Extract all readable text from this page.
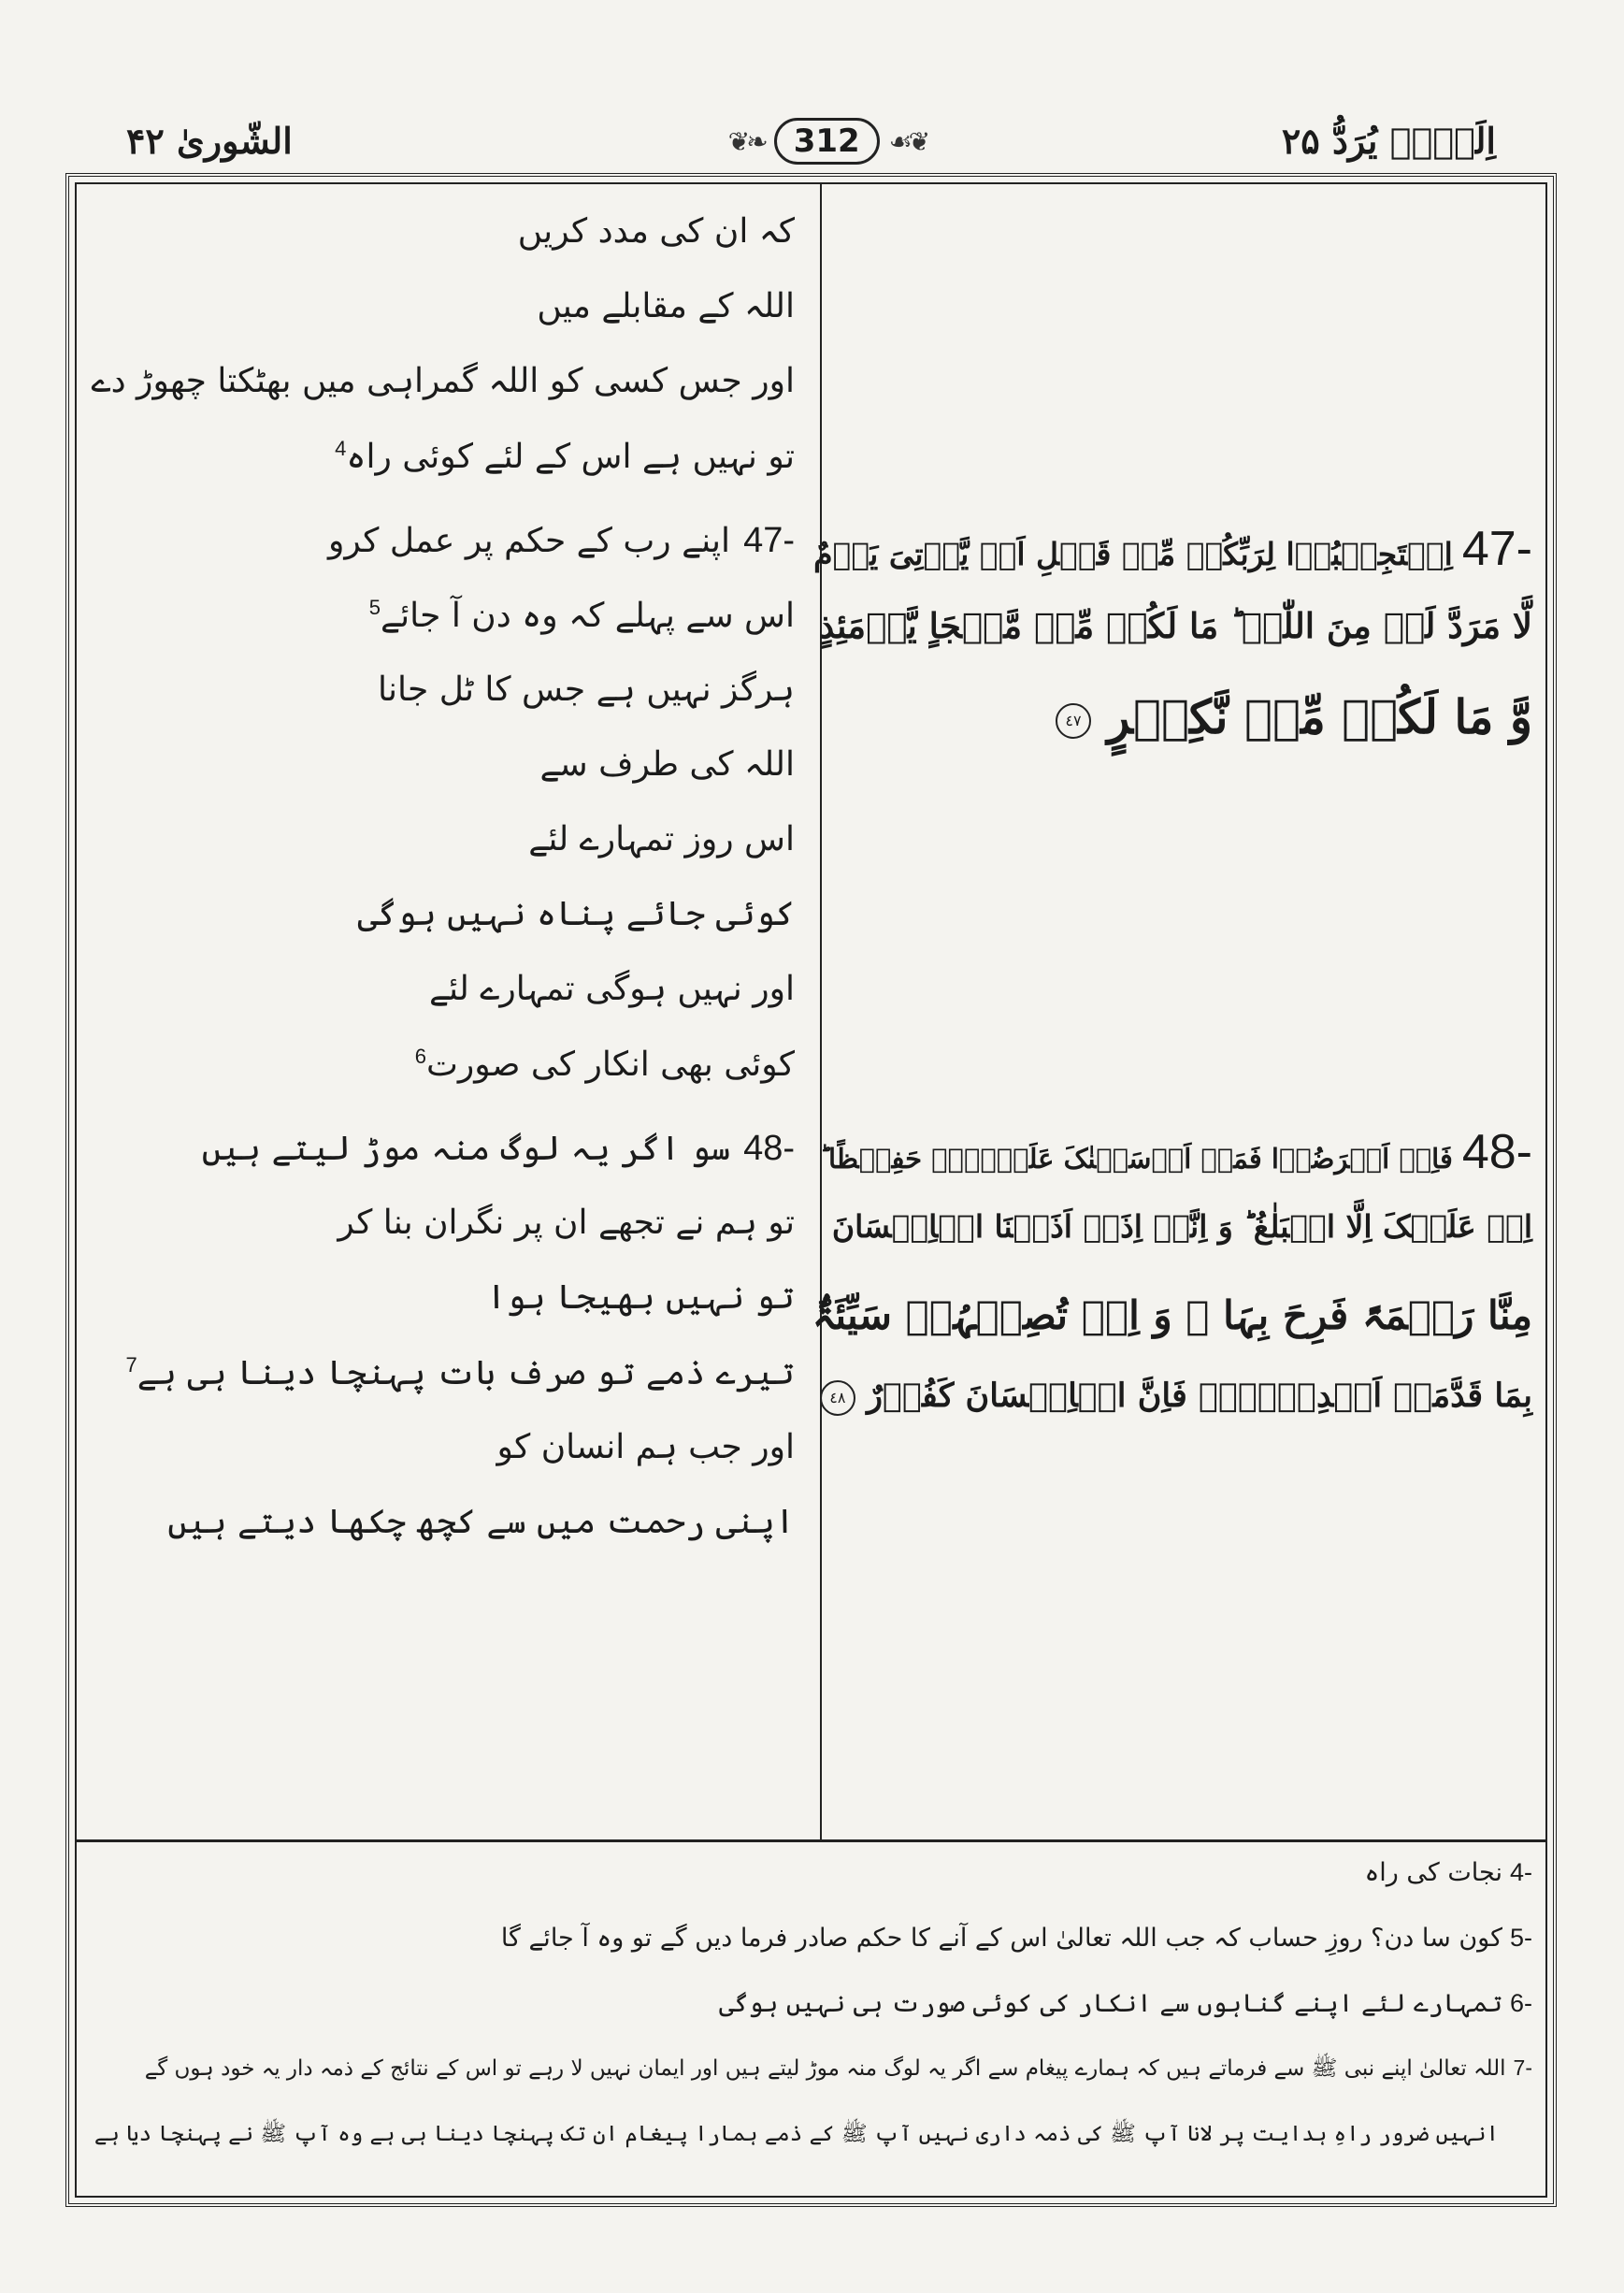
الشّوریٰ ۴۲	❦❧ 312	☙❦	اِلَیۡہِ یُرَدُّ ۲۵
کہ ان کی مدد کریں
اللہ کے مقابلے میں
اور جس کسی کو اللہ گمراہی میں بھٹکتا چھوڑ دے
تو نہیں ہے اس کے لئے کوئی راہ$^4$
-47اپنے رب کے حکم پر عمل کرو
اس سے پہلے کہ وہ دن آ جائے$^5$
ہرگز نہیں ہے جس کا ٹل جانا
اللہ کی طرف سے
اس روز تمہارے لئے
کوئی جائے پناہ نہیں ہوگی
اور نہیں ہوگی تمہارے لئے
کوئی بھی انکار کی صورت$^6$
-48سو اگر یہ لوگ منہ موڑ لیتے ہیں
تو ہم نے تجھے ان پر نگران بنا کر
تو نہیں بھیجا ہوا
تیرے ذمے تو صرف بات پہنچا دینا ہی ہے$^7$
اور جب ہم انسان کو
اپنی رحمت میں سے کچھ چکھا دیتے ہیں
-47اِسۡتَجِیۡبُوۡا لِرَبِّکُمۡ مِّنۡ قَبۡلِ اَنۡ یَّاۡتِیَ یَوۡمٌ
لَّا مَرَدَّ لَہٗ مِنَ اللّٰہِ ؕ مَا لَکُمۡ مِّنۡ مَّلۡجَاٍ یَّوۡمَئِذٍ
وَّ مَا لَکُمۡ مِّنۡ نَّکِیۡرٍ ٤٧
-48فَاِنۡ اَعۡرَضُوۡا فَمَاۤ اَرۡسَلۡنٰکَ عَلَیۡہِمۡ حَفِیۡظًا ؕ
اِنۡ عَلَیۡکَ اِلَّا الۡبَلٰغُ ؕ وَ اِنَّاۤ اِذَاۤ اَذَقۡنَا الۡاِنۡسَانَ
مِنَّا رَحۡمَۃً فَرِحَ بِہَا ۚ وَ اِنۡ تُصِبۡہُمۡ سَیِّئَۃٌۢ
بِمَا قَدَّمَتۡ اَیۡدِیۡہِمۡ فَاِنَّ الۡاِنۡسَانَ کَفُوۡرٌ ٤٨
-4نجات کی راہ
-5کون سا دن؟ روزِ حساب کہ جب اللہ تعالیٰ اس کے آنے کا حکم صادر فرما دیں گے تو وہ آ جائے گا
-6تمہارے لئے اپنے گناہوں سے انکار کی کوئی صورت ہی نہیں ہوگی
-7اللہ تعالیٰ اپنے نبی ﷺ سے فرماتے ہیں کہ ہمارے پیغام سے اگر یہ لوگ منہ موڑ لیتے ہیں اور ایمان نہیں لا رہے تو اس کے نتائج کے ذمہ دار یہ خود ہوں گے
انہیں ضرور راہِ ہدایت پر لانا آپ ﷺ کی ذمہ داری نہیں آپ ﷺ کے ذمے ہمارا پیغام ان تک پہنچا دینا ہی ہے وہ آپ ﷺ نے پہنچا دیا ہے
